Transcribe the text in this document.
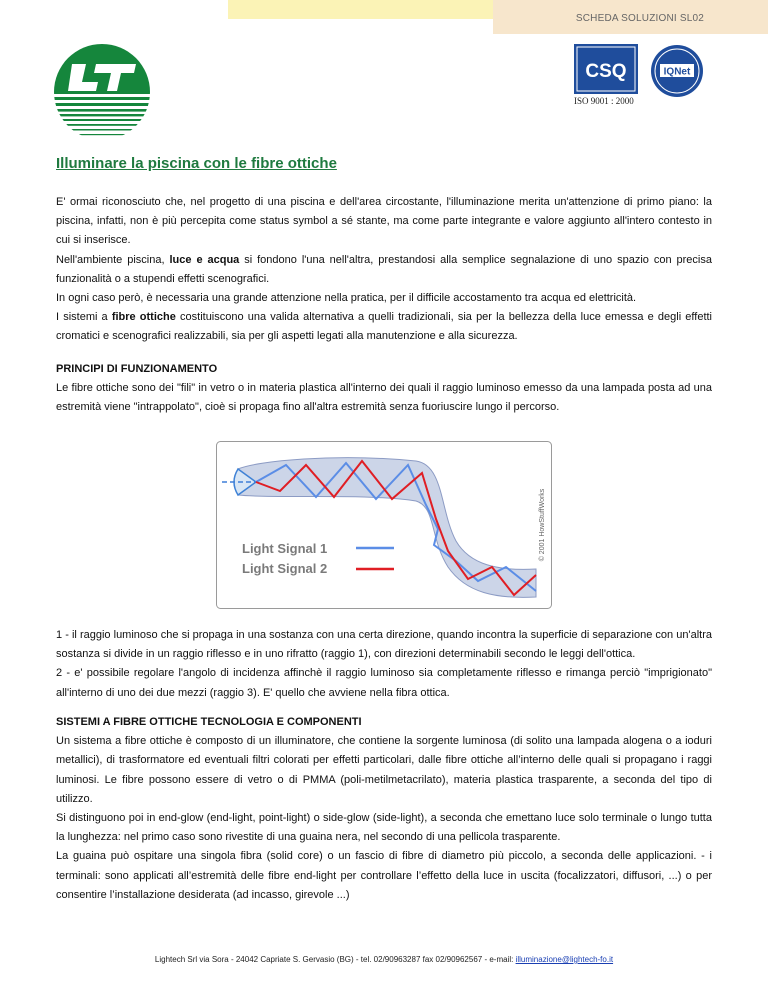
SCHEDA SOLUZIONI SL02
CSQ	IQNet
ISO 9001 : 2000
Illuminare la piscina con le fibre ottiche

E' ormai riconosciuto che, nel progetto di una piscina e dell'area circostante, l'illuminazione merita un'attenzione di primo piano: la piscina, infatti, non è più percepita come status symbol a sé stante, ma come parte integrante e valore aggiunto all'intero contesto in cui si inserisce.

Nell'ambiente piscina, luce e acqua si fondono l'una nell'altra, prestandosi alla semplice segnalazione di uno spazio con precisa funzionalità o a stupendi effetti scenografici.

In ogni caso però, è necessaria una grande attenzione nella pratica, per il difficile accostamento tra acqua ed elettricità.

I sistemi a fibre ottiche costituiscono una valida alternativa a quelli tradizionali, sia per la bellezza della luce emessa e degli effetti cromatici e scenografici realizzabili, sia per gli aspetti legati alla manutenzione e alla sicurezza.

PRINCIPI DI FUNZIONAMENTO

Le fibre ottiche sono dei "fili" in vetro o in materia plastica all'interno dei quali il raggio luminoso emesso da una lampada posta ad una estremità viene "intrappolato", cioè si propaga fino all'altra estremità senza fuoriuscire lungo il percorso.

Light Signal 1
Light Signal 2
© 2001 HowStuffWorks

1 - il raggio luminoso che si propaga in una sostanza con una certa direzione, quando incontra la superficie di separazione con un'altra sostanza si divide in un raggio riflesso e in uno rifratto (raggio 1), con direzioni determinabili secondo le leggi dell'ottica.

2 - e' possibile regolare l'angolo di incidenza affinchè il raggio luminoso sia completamente riflesso e rimanga perciò "imprigionato" all'interno di uno dei due mezzi (raggio 3). E' quello che avviene nella fibra ottica.

SISTEMI A FIBRE OTTICHE TECNOLOGIA E COMPONENTI

Un sistema a fibre ottiche è composto di un illuminatore, che contiene la sorgente luminosa (di solito una lampada alogena o a ioduri metallici), di trasformatore ed eventuali filtri colorati per effetti particolari, dalle fibre ottiche all’interno delle quali si propagano i raggi luminosi. Le fibre possono essere di vetro o di PMMA (poli-metilmetacrilato), materia plastica trasparente, a seconda del tipo di utilizzo.

Si distinguono poi in end-glow (end-light, point-light) o side-glow (side-light), a seconda che emettano luce solo terminale o lungo tutta la lunghezza: nel primo caso sono rivestite di una guaina nera, nel secondo di una pellicola trasparente.

La guaina può ospitare una singola fibra (solid core) o un fascio di fibre di diametro più piccolo, a seconda delle applicazioni. - i terminali: sono applicati all’estremità delle fibre end-light per controllare l’effetto della luce in uscita (focalizzatori, diffusori, ...) o per consentire l’installazione desiderata (ad incasso, girevole ...)

Lightech Srl via Sora - 24042 Capriate S. Gervasio (BG) - tel. 02/90963287 fax 02/90962567 - e-mail: illuminazione@lightech-fo.it
